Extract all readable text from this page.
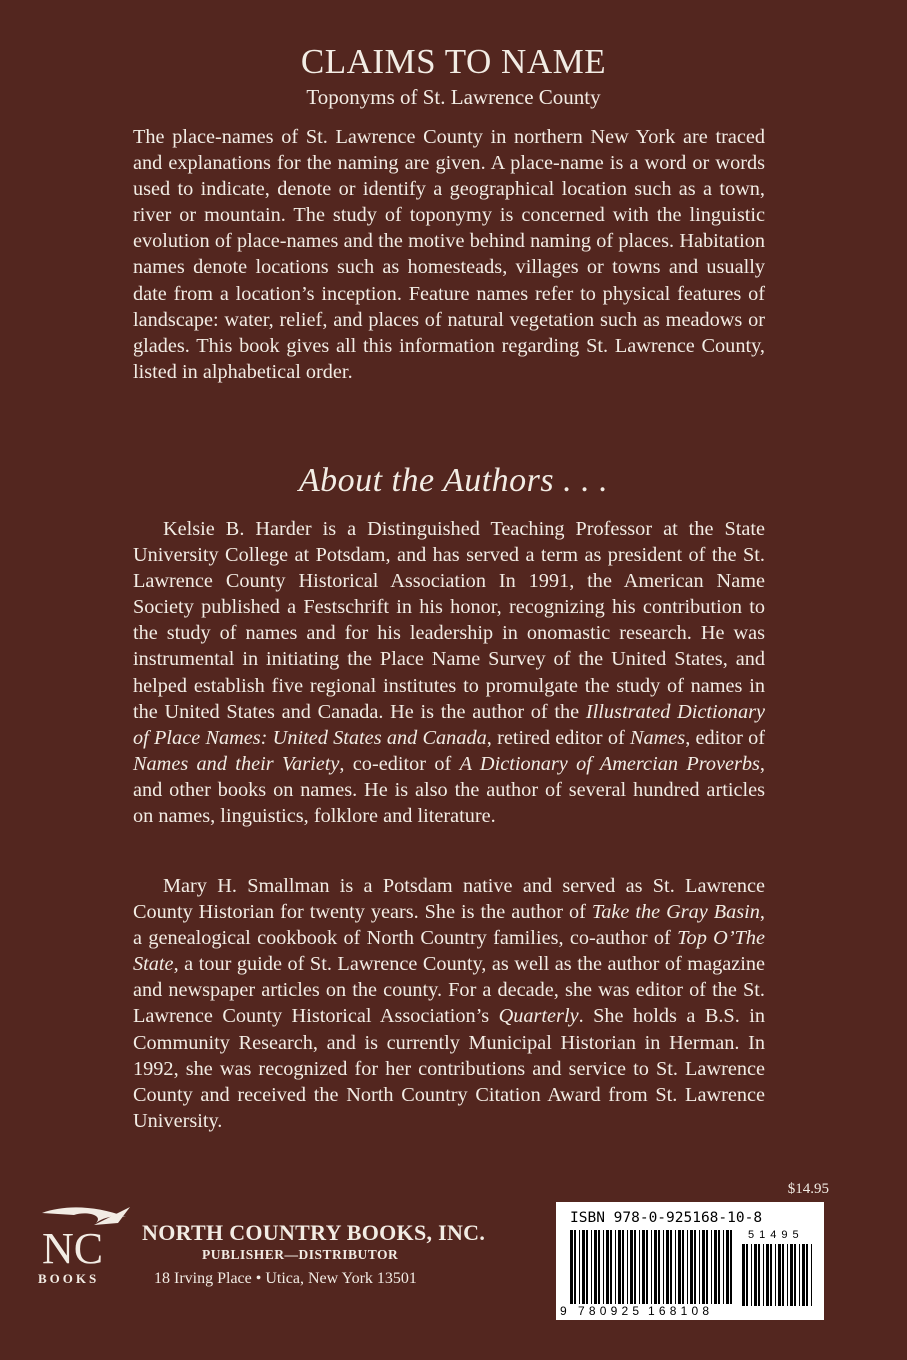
CLAIMS TO NAME
Toponyms of St. Lawrence County
The place-names of St. Lawrence County in northern New York are traced and explanations for the naming are given. A place-name is a word or words used to indicate, denote or identify a geographical location such as a town, river or mountain. The study of toponymy is concerned with the linguistic evolution of place-names and the motive behind naming of places. Habitation names denote locations such as homesteads, villages or towns and usually date from a location’s inception. Feature names refer to physical features of landscape: water, relief, and places of natural vegetation such as meadows or glades. This book gives all this information regarding St. Lawrence County, listed in alphabetical order.
About the Authors . . .
Kelsie B. Harder is a Distinguished Teaching Professor at the State University College at Potsdam, and has served a term as president of the St. Lawrence County Historical Association In 1991, the American Name Society published a Festschrift in his honor, recognizing his contribution to the study of names and for his leadership in onomastic research. He was instrumental in initiating the Place Name Survey of the United States, and helped establish five regional institutes to promulgate the study of names in the United States and Canada. He is the author of the Illustrated Dictionary of Place Names: United States and Canada, retired editor of Names, editor of Names and their Variety, co-editor of A Dictionary of Amercian Proverbs, and other books on names. He is also the author of several hundred articles on names, linguistics, folklore and literature.
Mary H. Smallman is a Potsdam native and served as St. Lawrence County Historian for twenty years. She is the author of Take the Gray Basin, a genealogical cookbook of North Country families, co-author of Top O’The State, a tour guide of St. Lawrence County, as well as the author of magazine and newspaper articles on the county. For a decade, she was editor of the St. Lawrence County Historical Association’s Quarterly. She holds a B.S. in Community Research, and is currently Municipal Historian in Herman. In 1992, she was recognized for her contributions and service to St. Lawrence County and received the North Country Citation Award from St. Lawrence University.
$14.95
NC
BOOKS
NORTH COUNTRY BOOKS, INC.
PUBLISHER—DISTRIBUTOR
18 Irving Place • Utica, New York 13501
ISBN 978-0-925168-10-8
51495
9 780925 168108
